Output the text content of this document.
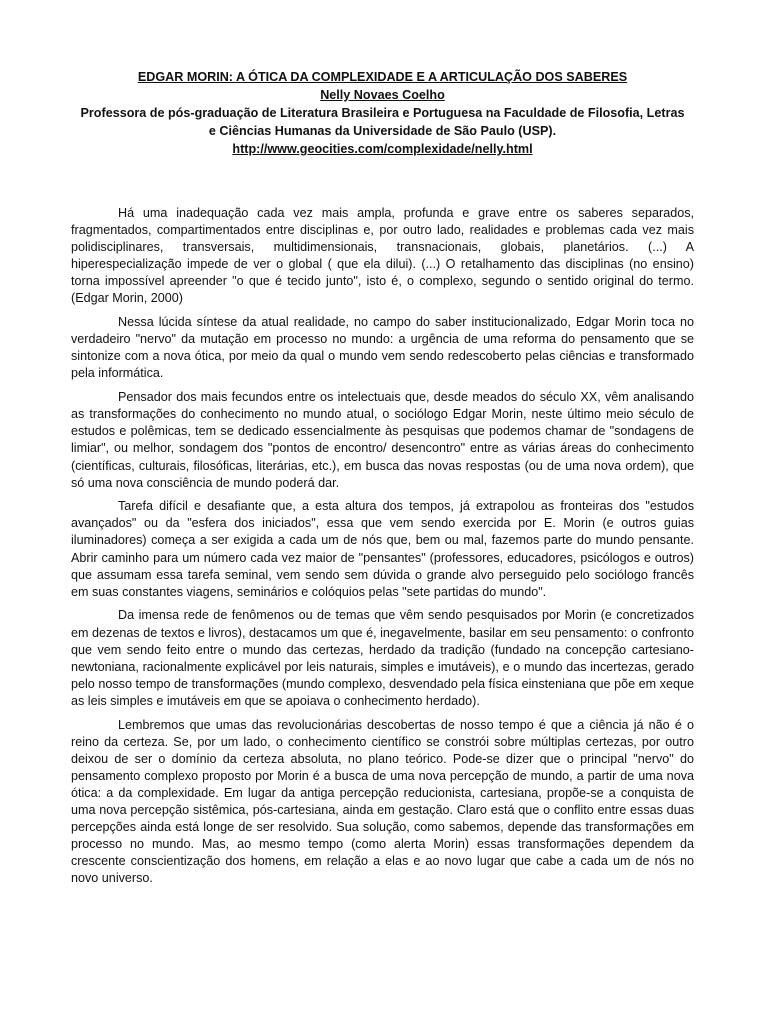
EDGAR MORIN: A ÓTICA DA COMPLEXIDADE E A ARTICULAÇÃO DOS SABERES
Nelly Novaes Coelho
Professora de pós-graduação de Literatura Brasileira e Portuguesa na Faculdade de Filosofia, Letras
e Ciências Humanas da Universidade de São Paulo (USP).
http://www.geocities.com/complexidade/nelly.html

Há uma inadequação cada vez mais ampla, profunda e grave entre os saberes separados, fragmentados, compartimentados entre disciplinas e, por outro lado, realidades e problemas cada vez mais polidisciplinares, transversais, multidimensionais, transnacionais, globais, planetários. (...) A hiperespecialização impede de ver o global ( que ela dilui). (...) O retalhamento das disciplinas (no ensino) torna impossível apreender "o que é tecido junto", isto é, o complexo, segundo o sentido original do termo. (Edgar Morin, 2000)

Nessa lúcida síntese da atual realidade, no campo do saber institucionalizado, Edgar Morin toca no verdadeiro "nervo" da mutação em processo no mundo: a urgência de uma reforma do pensamento que se sintonize com a nova ótica, por meio da qual o mundo vem sendo redescoberto pelas ciências e transformado pela informática.

Pensador dos mais fecundos entre os intelectuais que, desde meados do século XX, vêm analisando as transformações do conhecimento no mundo atual, o sociólogo Edgar Morin, neste último meio século de estudos e polêmicas, tem se dedicado essencialmente às pesquisas que podemos chamar de "sondagens de limiar", ou melhor, sondagem dos "pontos de encontro/ desencontro" entre as várias áreas do conhecimento (científicas, culturais, filosóficas, literárias, etc.), em busca das novas respostas (ou de uma nova ordem), que só uma nova consciência de mundo poderá dar.

Tarefa difícil e desafiante que, a esta altura dos tempos, já extrapolou as fronteiras dos "estudos avançados" ou da "esfera dos iniciados", essa que vem sendo exercida por E. Morin (e outros guias iluminadores) começa a ser exigida a cada um de nós que, bem ou mal, fazemos parte do mundo pensante. Abrir caminho para um número cada vez maior de "pensantes" (professores, educadores, psicólogos e outros) que assumam essa tarefa seminal, vem sendo sem dúvida o grande alvo perseguido pelo sociólogo francês em suas constantes viagens, seminários e colóquios pelas "sete partidas do mundo".

Da imensa rede de fenômenos ou de temas que vêm sendo pesquisados por Morin (e concretizados em dezenas de textos e livros), destacamos um que é, inegavelmente, basilar em seu pensamento: o confronto que vem sendo feito entre o mundo das certezas, herdado da tradição (fundado na concepção cartesiano-newtoniana, racionalmente explicável por leis naturais, simples e imutáveis), e o mundo das incertezas, gerado pelo nosso tempo de transformações (mundo complexo, desvendado pela física einsteniana que põe em xeque as leis simples e imutáveis em que se apoiava o conhecimento herdado).

Lembremos que umas das revolucionárias descobertas de nosso tempo é que a ciência já não é o reino da certeza. Se, por um lado, o conhecimento científico se constrói sobre múltiplas certezas, por outro deixou de ser o domínio da certeza absoluta, no plano teórico. Pode-se dizer que o principal "nervo" do pensamento complexo proposto por Morin é a busca de uma nova percepção de mundo, a partir de uma nova ótica: a da complexidade. Em lugar da antiga percepção reducionista, cartesiana, propõe-se a conquista de uma nova percepção sistêmica, pós-cartesiana, ainda em gestação. Claro está que o conflito entre essas duas percepções ainda está longe de ser resolvido. Sua solução, como sabemos, depende das transformações em processo no mundo. Mas, ao mesmo tempo (como alerta Morin) essas transformações dependem da crescente conscientização dos homens, em relação a elas e ao novo lugar que cabe a cada um de nós no novo universo.
